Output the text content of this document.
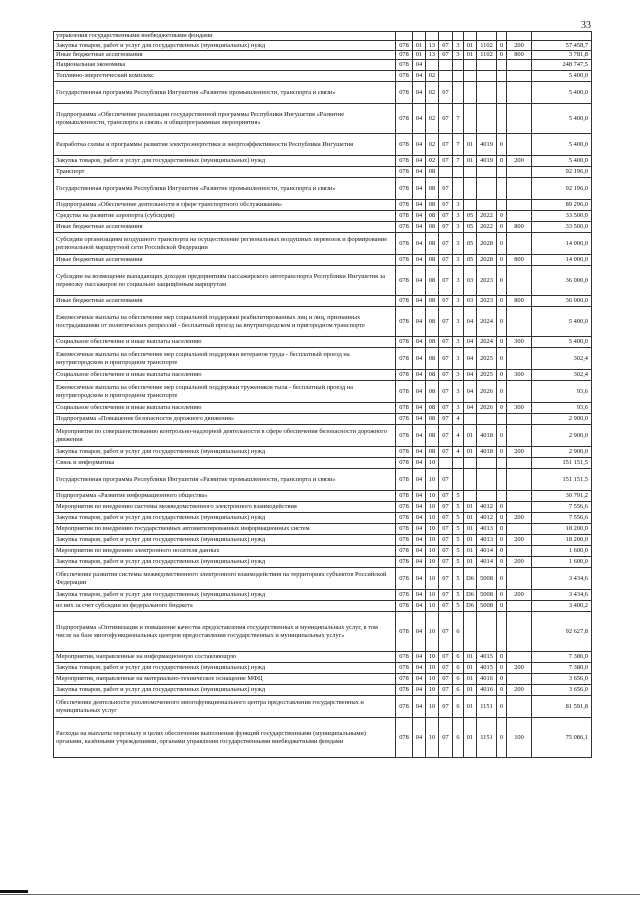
33
управления государственными внебюджетными фондами										
Закупка товаров, работ и услуг для государственных (муниципальных) нужд	078	01	13	07	3	01	1102	0	200	57 458,7
Иные бюджетные ассигнования	078	01	13	07	3	01	1102	0	800	3 781,8
Национальная экономика	078	04								248 747,5
Топливно-энергетический комплекс	078	04	02							5 400,0
Государственная программа Республики Ингушетия «Развитие промышленности, транспорта и связи»	078	04	02	07						5 400,0
Подпрограмма «Обеспечение реализации государственной программы Республики Ингушетия «Развитие промышленности, транспорта и связи» и общепрограммные мероприятия»	078	04	02	07	7					5 400,0
Разработка схемы и программы развития электроэнергетики и энергоэффективности Республики Ингушетия	078	04	02	07	7	01	4019	0		5 400,0
Закупка товаров, работ и услуг для государственных (муниципальных) нужд	078	04	02	07	7	01	4019	0	200	5 400,0
Транспорт	078	04	08							92 196,0
Государственная программа Республики Ингушетия «Развитие промышленности, транспорта и связи»	078	04	08	07						92 196,0
Подпрограмма «Обеспечение деятельности в сфере транспортного обслуживания»	078	04	08	07	3					89 296,0
Средства на развитие аэропорта (субсидии)	078	04	08	07	3	05	2022	0		33 500,0
Иные бюджетные ассигнования	078	04	08	07	3	05	2022	0	800	33 500,0
Субсидии организациям воздушного транспорта на осуществление региональных воздушных перевозок и формирование региональной маршрутной сети Российской Федерации	078	04	08	07	3	05	2028	0		14 000,0
Иные бюджетные ассигнования	078	04	08	07	3	05	2028	0	800	14 000,0
Субсидии на возмещение выпадающих доходов предприятиям пассажирского автотранспорта Республики Ингушетия за перевозку пассажиров по социально защищённым маршрутам	078	04	08	07	3	03	2023	0		36 000,0
Иные бюджетные ассигнования	078	04	08	07	3	03	2023	0	800	36 000,0
Ежемесячные выплаты на обеспечение мер социальной поддержки реабилитированных лиц и лиц, признанных пострадавшими от политических репрессий - бесплатный проезд на внутригородском и пригородном транспорте	078	04	08	07	3	04	2024	0		5 400,0
Социальное обеспечение и иные выплаты населению	078	04	08	07	3	04	2024	0	300	5 400,0
Ежемесячные выплаты на обеспечение мер социальной поддержки ветеранов труда - бесплатный проезд на внутригородском и пригородном транспорте	078	04	08	07	3	04	2025	0		302,4
Социальное обеспечение и иные выплаты населению	078	04	08	07	3	04	2025	0	300	302,4
Ежемесячные выплаты на обеспечение мер социальной поддержки тружеников тыла - бесплатный проезд на внутригородском и пригородном транспорте	078	04	08	07	3	04	2026	0		93,6
Социальное обеспечение и иные выплаты населению	078	04	08	07	3	04	2026	0	300	93,6
Подпрограмма «Повышение безопасности дорожного движения»	078	04	08	07	4					2 900,0
Мероприятия по совершенствованию контрольно-надзорной деятельности в сфере обеспечения безопасности дорожного движения	078	04	08	07	4	01	4018	0		2 900,0
Закупка товаров, работ и услуг для государственных (муниципальных) нужд	078	04	08	07	4	01	4018	0	200	2 900,0
Связь и информатика	078	04	10							151 151,5
Государственная программа Республики Ингушетия «Развитие промышленности, транспорта и связи»	078	04	10	07						151 151,5
Подпрограмма «Развитие информационного общества»	078	04	10	07	5					30 791,2
Мероприятия по внедрению системы межведомственного электронного взаимодействия	078	04	10	07	5	01	4012	0		7 556,6
Закупка товаров, работ и услуг для государственных (муниципальных) нужд	078	04	10	07	5	01	4012	0	200	7 556,6
Мероприятия по внедрению государственных автоматизированных информационных систем	078	04	10	07	5	01	4013	0		18 200,0
Закупка товаров, работ и услуг для государственных (муниципальных) нужд	078	04	10	07	5	01	4013	0	200	18 200,0
Мероприятия по внедрению электронного носителя данных	078	04	10	07	5	01	4014	0		1 600,0
Закупка товаров, работ и услуг для государственных (муниципальных) нужд	078	04	10	07	5	01	4014	0	200	1 600,0
Обеспечение развития системы межведомственного электронного взаимодействия на территориях субъектов Российской Федерации	078	04	10	07	5	D6	5008	0		3 434,6
Закупка товаров, работ и услуг для государственных (муниципальных) нужд	078	04	10	07	5	D6	5008	0	200	3 434,6
из них за счет субсидии из федерального бюджета	078	04	10	07	5	D6	5008	0		3 400,2
Подпрограмма «Оптимизация и повышение качества предоставления государственных и муниципальных услуг, в том числе на базе многофункциональных центров предоставления государственных и муниципальных услуг»	078	04	10	07	6					92 627,8
Мероприятия, направленные на информационную составляющую	078	04	10	07	6	01	4015	0		7 380,0
Закупка товаров, работ и услуг для государственных (муниципальных) нужд	078	04	10	07	6	01	4015	0	200	7 380,0
Мероприятия, направленные на материально-техническое оснащение МФЦ	078	04	10	07	6	01	4016	0		3 656,0
Закупка товаров, работ и услуг для государственных (муниципальных) нужд	078	04	10	07	6	01	4016	0	200	3 656,0
Обеспечение деятельности уполномоченного многофункционального центра предоставления государственных и муниципальных услуг	078	04	10	07	6	01	1151	0		81 591,8
Расходы на выплаты персоналу в целях обеспечения выполнения функций государственными (муниципальными) органами, казёнными учреждениями, органами управления государственными внебюджетными фондами	078	04	10	07	6	01	1151	0	100	75 086,1
